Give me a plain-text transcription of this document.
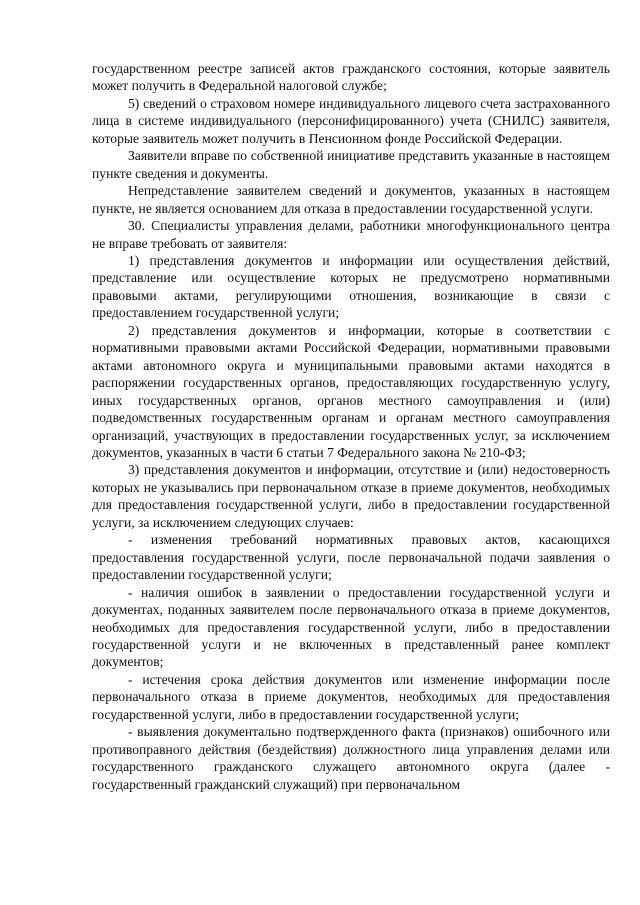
государственном реестре записей актов гражданского состояния, которые заявитель может получить в Федеральной налоговой службе;

5) сведений о страховом номере индивидуального лицевого счета застрахованного лица в системе индивидуального (персонифицированного) учета (СНИЛС) заявителя, которые заявитель может получить в Пенсионном фонде Российской Федерации.

Заявители вправе по собственной инициативе представить указанные в настоящем пункте сведения и документы.

Непредставление заявителем сведений и документов, указанных в настоящем пункте, не является основанием для отказа в предоставлении государственной услуги.

30. Специалисты управления делами, работники многофункционального центра не вправе требовать от заявителя:

1) представления документов и информации или осуществления действий, представление или осуществление которых не предусмотрено нормативными правовыми актами, регулирующими отношения, возникающие в связи с предоставлением государственной услуги;

2) представления документов и информации, которые в соответствии с нормативными правовыми актами Российской Федерации, нормативными правовыми актами автономного округа и муниципальными правовыми актами находятся в распоряжении государственных органов, предоставляющих государственную услугу, иных государственных органов, органов местного самоуправления и (или) подведомственных государственным органам и органам местного самоуправления организаций, участвующих в предоставлении государственных услуг, за исключением документов, указанных в части 6 статьи 7 Федерального закона № 210-ФЗ;

3) представления документов и информации, отсутствие и (или) недостоверность которых не указывались при первоначальном отказе в приеме документов, необходимых для предоставления государственной услуги, либо в предоставлении государственной услуги, за исключением следующих случаев:

- изменения требований нормативных правовых актов, касающихся предоставления государственной услуги, после первоначальной подачи заявления о предоставлении государственной услуги;

- наличия ошибок в заявлении о предоставлении государственной услуги и документах, поданных заявителем после первоначального отказа в приеме документов, необходимых для предоставления государственной услуги, либо в предоставлении государственной услуги и не включенных в представленный ранее комплект документов;

- истечения срока действия документов или изменение информации после первоначального отказа в приеме документов, необходимых для предоставления государственной услуги, либо в предоставлении государственной услуги;

- выявления документально подтвержденного факта (признаков) ошибочного или противоправного действия (бездействия) должностного лица управления делами или государственного гражданского служащего автономного округа (далее - государственный гражданский служащий) при первоначальном
